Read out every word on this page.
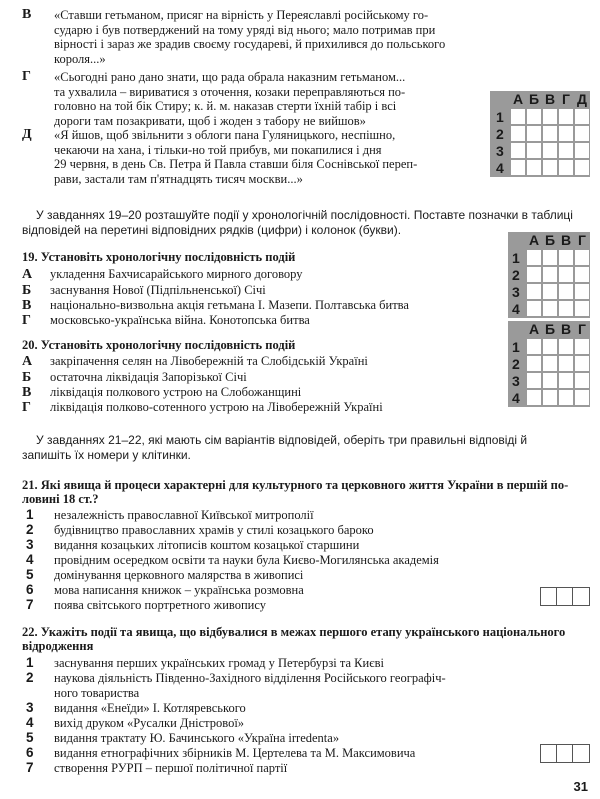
В «Ставши гетьманом, присяг на вірність у Переяславлі російському го-
сударю і був потверджений на тому уряді від нього; мало потримав при
вірності і зараз же зрадив своєму государеві, й прихилився до польського
короля...»
Г «Сьогодні рано дано знати, що рада обрала наказним гетьманом...
та ухвалила – вириватися з оточення, козаки переправляються по-
головно на той бік Стиру; к. й. м. наказав стерти їхній табір і всі
дороги там позакривати, щоб і жоден з табору не вийшов»
Д «Я йшов, щоб звільнити з облоги пана Гуляницького, неспішно,
чекаючи на хана, і тільки-но той прибув, ми покапилися і дня
29 червня, в день Св. Петра й Павла ставши біля Соснівської переп-
рави, застали там п'ятнадцять тисяч москви...»
А Б В Г Д
1
2
3
4
У завданнях 19–20 розташуйте події у хронологічній послідовності. Поставте позначки в таблиці відповідей на перетині відповідних рядків (цифри) і колонок (букви).
19. Установіть хронологічну послідовність подій
А укладення Бахчисарайського мирного договору
Б заснування Нової (Підпільненської) Січі
В національно-визвольна акція гетьмана І. Мазепи. Полтавська битва
Г московсько-українська війна. Конотопська битва
А Б В Г
1
2
3
4
20. Установіть хронологічну послідовність подій
А закріпачення селян на Лівобережній та Слобідській Україні
Б остаточна ліквідація Запорізької Січі
В ліквідація полкового устрою на Слобожанщині
Г ліквідація полково-сотенного устрою на Лівобережній Україні
А Б В Г
1
2
3
4
У завданнях 21–22, які мають сім варіантів відповідей, оберіть три правильні відповіді й запишіть їх номери у клітинки.
21. Які явища й процеси характерні для культурного та церковного життя України в першій по-
ловині 18 ст.?
1 незалежність православної Київської митрополії
2 будівництво православних храмів у стилі козацького бароко
3 видання козацьких літописів коштом козацької старшини
4 провідним осередком освіти та науки була Києво-Могилянська академія
5 домінування церковного малярства в живописі
6 мова написання книжок – українська розмовна
7 поява світського портретного живопису
22. Укажіть події та явища, що відбувалися в межах першого етапу українського національного
відродження
1 заснування перших українських громад у Петербурзі та Києві
2 наукова діяльність Південно-Західного відділення Російського географіч-
ного товариства
3 видання «Енеїди» І. Котляревського
4 вихід друком «Русалки Дністрової»
5 видання трактату Ю. Бачинського «Україна irredenta»
6 видання етнографічних збірників М. Цертелева та М. Максимовича
7 створення РУРП – першої політичної партії
31
